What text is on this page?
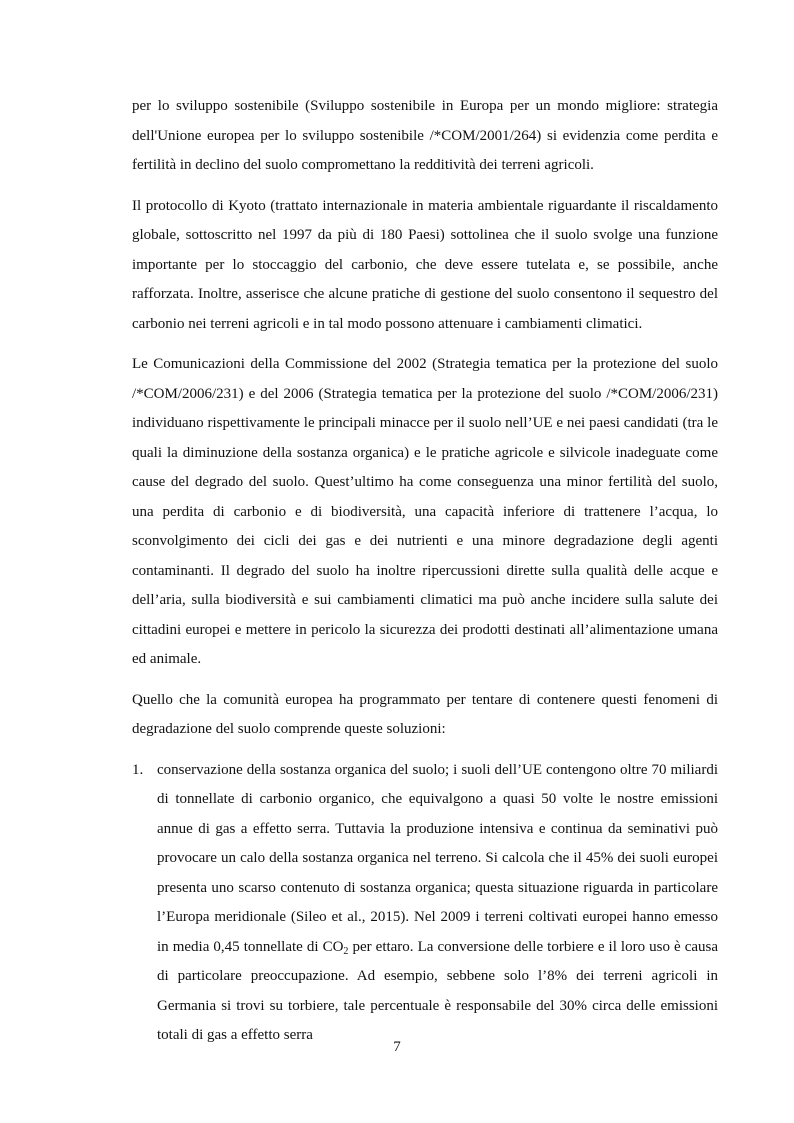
per lo sviluppo sostenibile (Sviluppo sostenibile in Europa per un mondo migliore: strategia dell'Unione europea per lo sviluppo sostenibile /*COM/2001/264) si evidenzia come perdita e fertilità in declino del suolo compromettano la redditività dei terreni agricoli.

Il protocollo di Kyoto (trattato internazionale in materia ambientale riguardante il riscaldamento globale, sottoscritto nel 1997 da più di 180 Paesi) sottolinea che il suolo svolge una funzione importante per lo stoccaggio del carbonio, che deve essere tutelata e, se possibile, anche rafforzata. Inoltre, asserisce che alcune pratiche di gestione del suolo consentono il sequestro del carbonio nei terreni agricoli e in tal modo possono attenuare i cambiamenti climatici.

Le Comunicazioni della Commissione del 2002 (Strategia tematica per la protezione del suolo /*COM/2006/231) e del 2006 (Strategia tematica per la protezione del suolo /*COM/2006/231) individuano rispettivamente le principali minacce per il suolo nell’UE e nei paesi candidati (tra le quali la diminuzione della sostanza organica) e le pratiche agricole e silvicole inadeguate come cause del degrado del suolo. Quest’ultimo ha come conseguenza una minor fertilità del suolo, una perdita di carbonio e di biodiversità, una capacità inferiore di trattenere l’acqua, lo sconvolgimento dei cicli dei gas e dei nutrienti e una minore degradazione degli agenti contaminanti. Il degrado del suolo ha inoltre ripercussioni dirette sulla qualità delle acque e dell’aria, sulla biodiversità e sui cambiamenti climatici ma può anche incidere sulla salute dei cittadini europei e mettere in pericolo la sicurezza dei prodotti destinati all’alimentazione umana ed animale.

Quello che la comunità europea ha programmato per tentare di contenere questi fenomeni di degradazione del suolo comprende queste soluzioni:

1. conservazione della sostanza organica del suolo; i suoli dell’UE contengono oltre 70 miliardi di tonnellate di carbonio organico, che equivalgono a quasi 50 volte le nostre emissioni annue di gas a effetto serra. Tuttavia la produzione intensiva e continua da seminativi può provocare un calo della sostanza organica nel terreno. Si calcola che il 45% dei suoli europei presenta uno scarso contenuto di sostanza organica; questa situazione riguarda in particolare l’Europa meridionale (Sileo et al., 2015). Nel 2009 i terreni coltivati europei hanno emesso in media 0,45 tonnellate di $CO_2$ per ettaro. La conversione delle torbiere e il loro uso è causa di particolare preoccupazione. Ad esempio, sebbene solo l’8% dei terreni agricoli in Germania si trovi su torbiere, tale percentuale è responsabile del 30% circa delle emissioni totali di gas a effetto serra

7
